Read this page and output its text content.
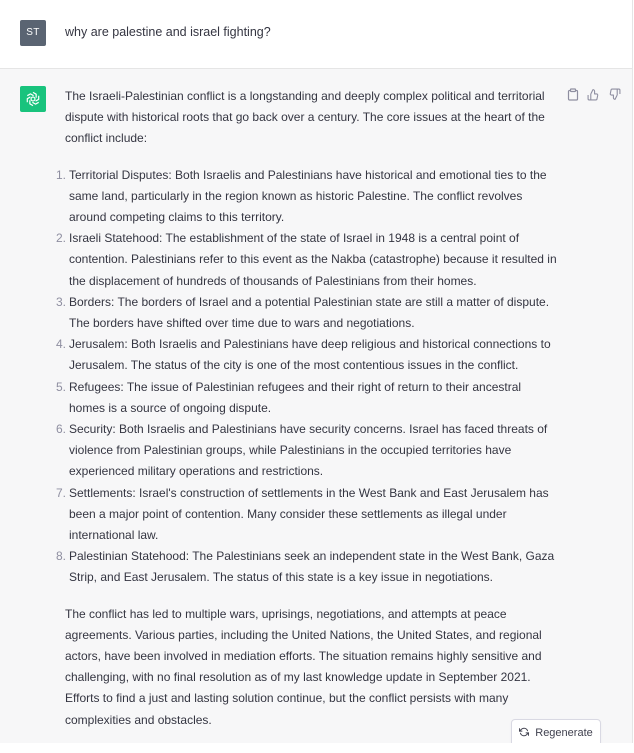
ST	why are palestine and israel fighting?

The Israeli-Palestinian conflict is a longstanding and deeply complex political and territorial dispute with historical roots that go back over a century. The core issues at the heart of the conflict include:

1. Territorial Disputes: Both Israelis and Palestinians have historical and emotional ties to the same land, particularly in the region known as historic Palestine. The conflict revolves around competing claims to this territory.
2. Israeli Statehood: The establishment of the state of Israel in 1948 is a central point of contention. Palestinians refer to this event as the Nakba (catastrophe) because it resulted in the displacement of hundreds of thousands of Palestinians from their homes.
3. Borders: The borders of Israel and a potential Palestinian state are still a matter of dispute. The borders have shifted over time due to wars and negotiations.
4. Jerusalem: Both Israelis and Palestinians have deep religious and historical connections to Jerusalem. The status of the city is one of the most contentious issues in the conflict.
5. Refugees: The issue of Palestinian refugees and their right of return to their ancestral homes is a source of ongoing dispute.
6. Security: Both Israelis and Palestinians have security concerns. Israel has faced threats of violence from Palestinian groups, while Palestinians in the occupied territories have experienced military operations and restrictions.
7. Settlements: Israel's construction of settlements in the West Bank and East Jerusalem has been a major point of contention. Many consider these settlements as illegal under international law.
8. Palestinian Statehood: The Palestinians seek an independent state in the West Bank, Gaza Strip, and East Jerusalem. The status of this state is a key issue in negotiations.

The conflict has led to multiple wars, uprisings, negotiations, and attempts at peace agreements. Various parties, including the United Nations, the United States, and regional actors, have been involved in mediation efforts. The situation remains highly sensitive and challenging, with no final resolution as of my last knowledge update in September 2021. Efforts to find a just and lasting solution continue, but the conflict persists with many complexities and obstacles.

Regenerate
